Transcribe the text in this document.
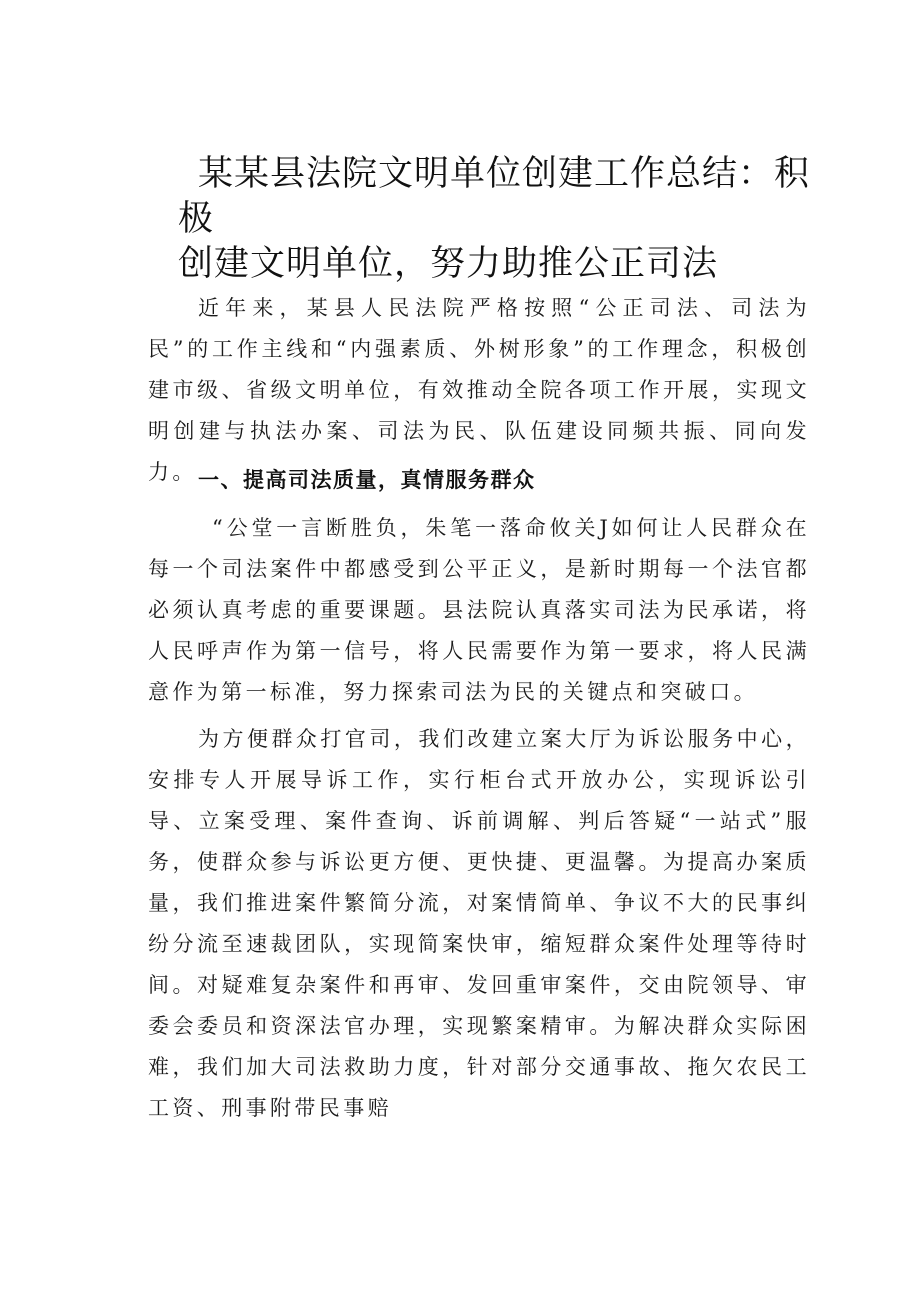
某某县法院文明单位创建工作总结：积极
创建文明单位，努力助推公正司法

近年来，某县人民法院严格按照“公正司法、司法为民”的工作主线和“内强素质、外树形象”的工作理念，积极创建市级、省级文明单位，有效推动全院各项工作开展，实现文明创建与执法办案、司法为民、队伍建设同频共振、同向发力。 一、提高司法质量，真情服务群众

“公堂一言断胜负，朱笔一落命攸关J如何让人民群众在每一个司法案件中都感受到公平正义，是新时期每一个法官都必须认真考虑的重要课题。县法院认真落实司法为民承诺，将人民呼声作为第一信号，将人民需要作为第一要求，将人民满意作为第一标准，努力探索司法为民的关键点和突破口。

为方便群众打官司，我们改建立案大厅为诉讼服务中心，安排专人开展导诉工作，实行柜台式开放办公，实现诉讼引导、立案受理、案件查询、诉前调解、判后答疑“一站式”服务，使群众参与诉讼更方便、更快捷、更温馨。为提高办案质量，我们推进案件繁简分流，对案情简单、争议不大的民事纠纷分流至速裁团队，实现简案快审，缩短群众案件处理等待时间。对疑难复杂案件和再审、发回重审案件，交由院领导、审委会委员和资深法官办理，实现繁案精审。为解决群众实际困难，我们加大司法救助力度，针对部分交通事故、拖欠农民工工资、刑事附带民事赔
